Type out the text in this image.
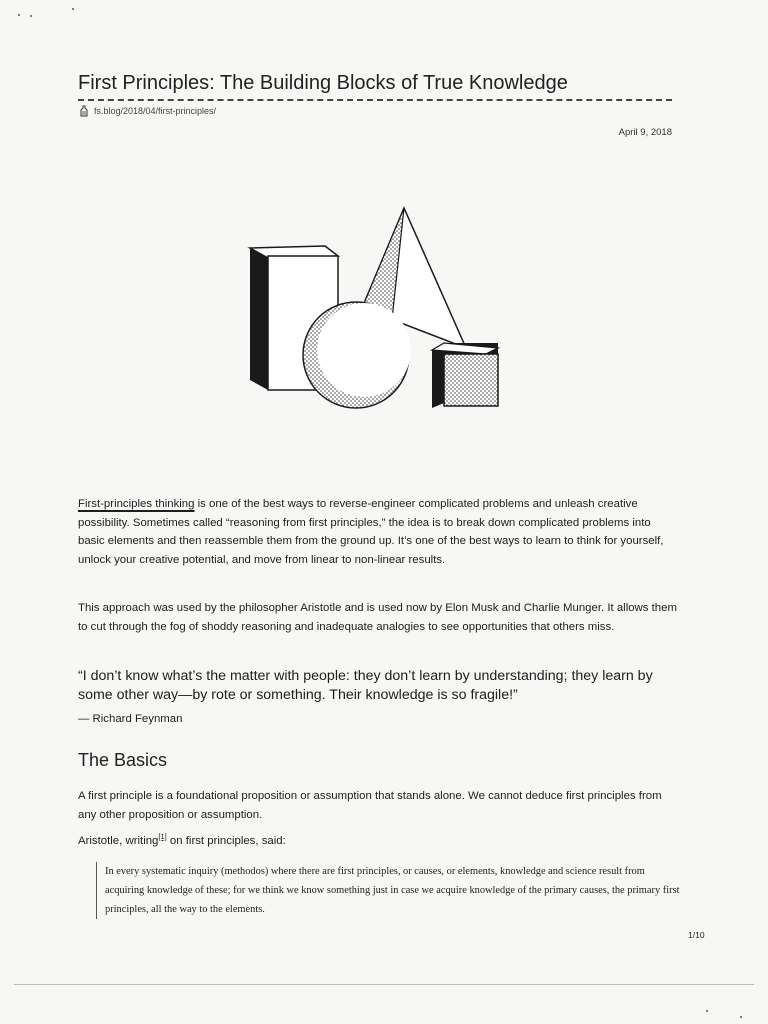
First Principles: The Building Blocks of True Knowledge
fs.blog/2018/04/first-principles/
April 9, 2018

First-principles thinking is one of the best ways to reverse-engineer complicated problems and unleash creative possibility. Sometimes called “reasoning from first principles,” the idea is to break down complicated problems into basic elements and then reassemble them from the ground up. It’s one of the best ways to learn to think for yourself, unlock your creative potential, and move from linear to non-linear results.

This approach was used by the philosopher Aristotle and is used now by Elon Musk and Charlie Munger. It allows them to cut through the fog of shoddy reasoning and inadequate analogies to see opportunities that others miss.

“I don’t know what’s the matter with people: they don’t learn by understanding; they learn by some other way—by rote or something. Their knowledge is so fragile!”

— Richard Feynman
The Basics

A first principle is a foundational proposition or assumption that stands alone. We cannot deduce first principles from any other proposition or assumption.

Aristotle, writing[1] on first principles, said:

In every systematic inquiry (methodos) where there are first principles, or causes, or elements, knowledge and science result from acquiring knowledge of these; for we think we know something just in case we acquire knowledge of the primary causes, the primary first principles, all the way to the elements.

1/10
